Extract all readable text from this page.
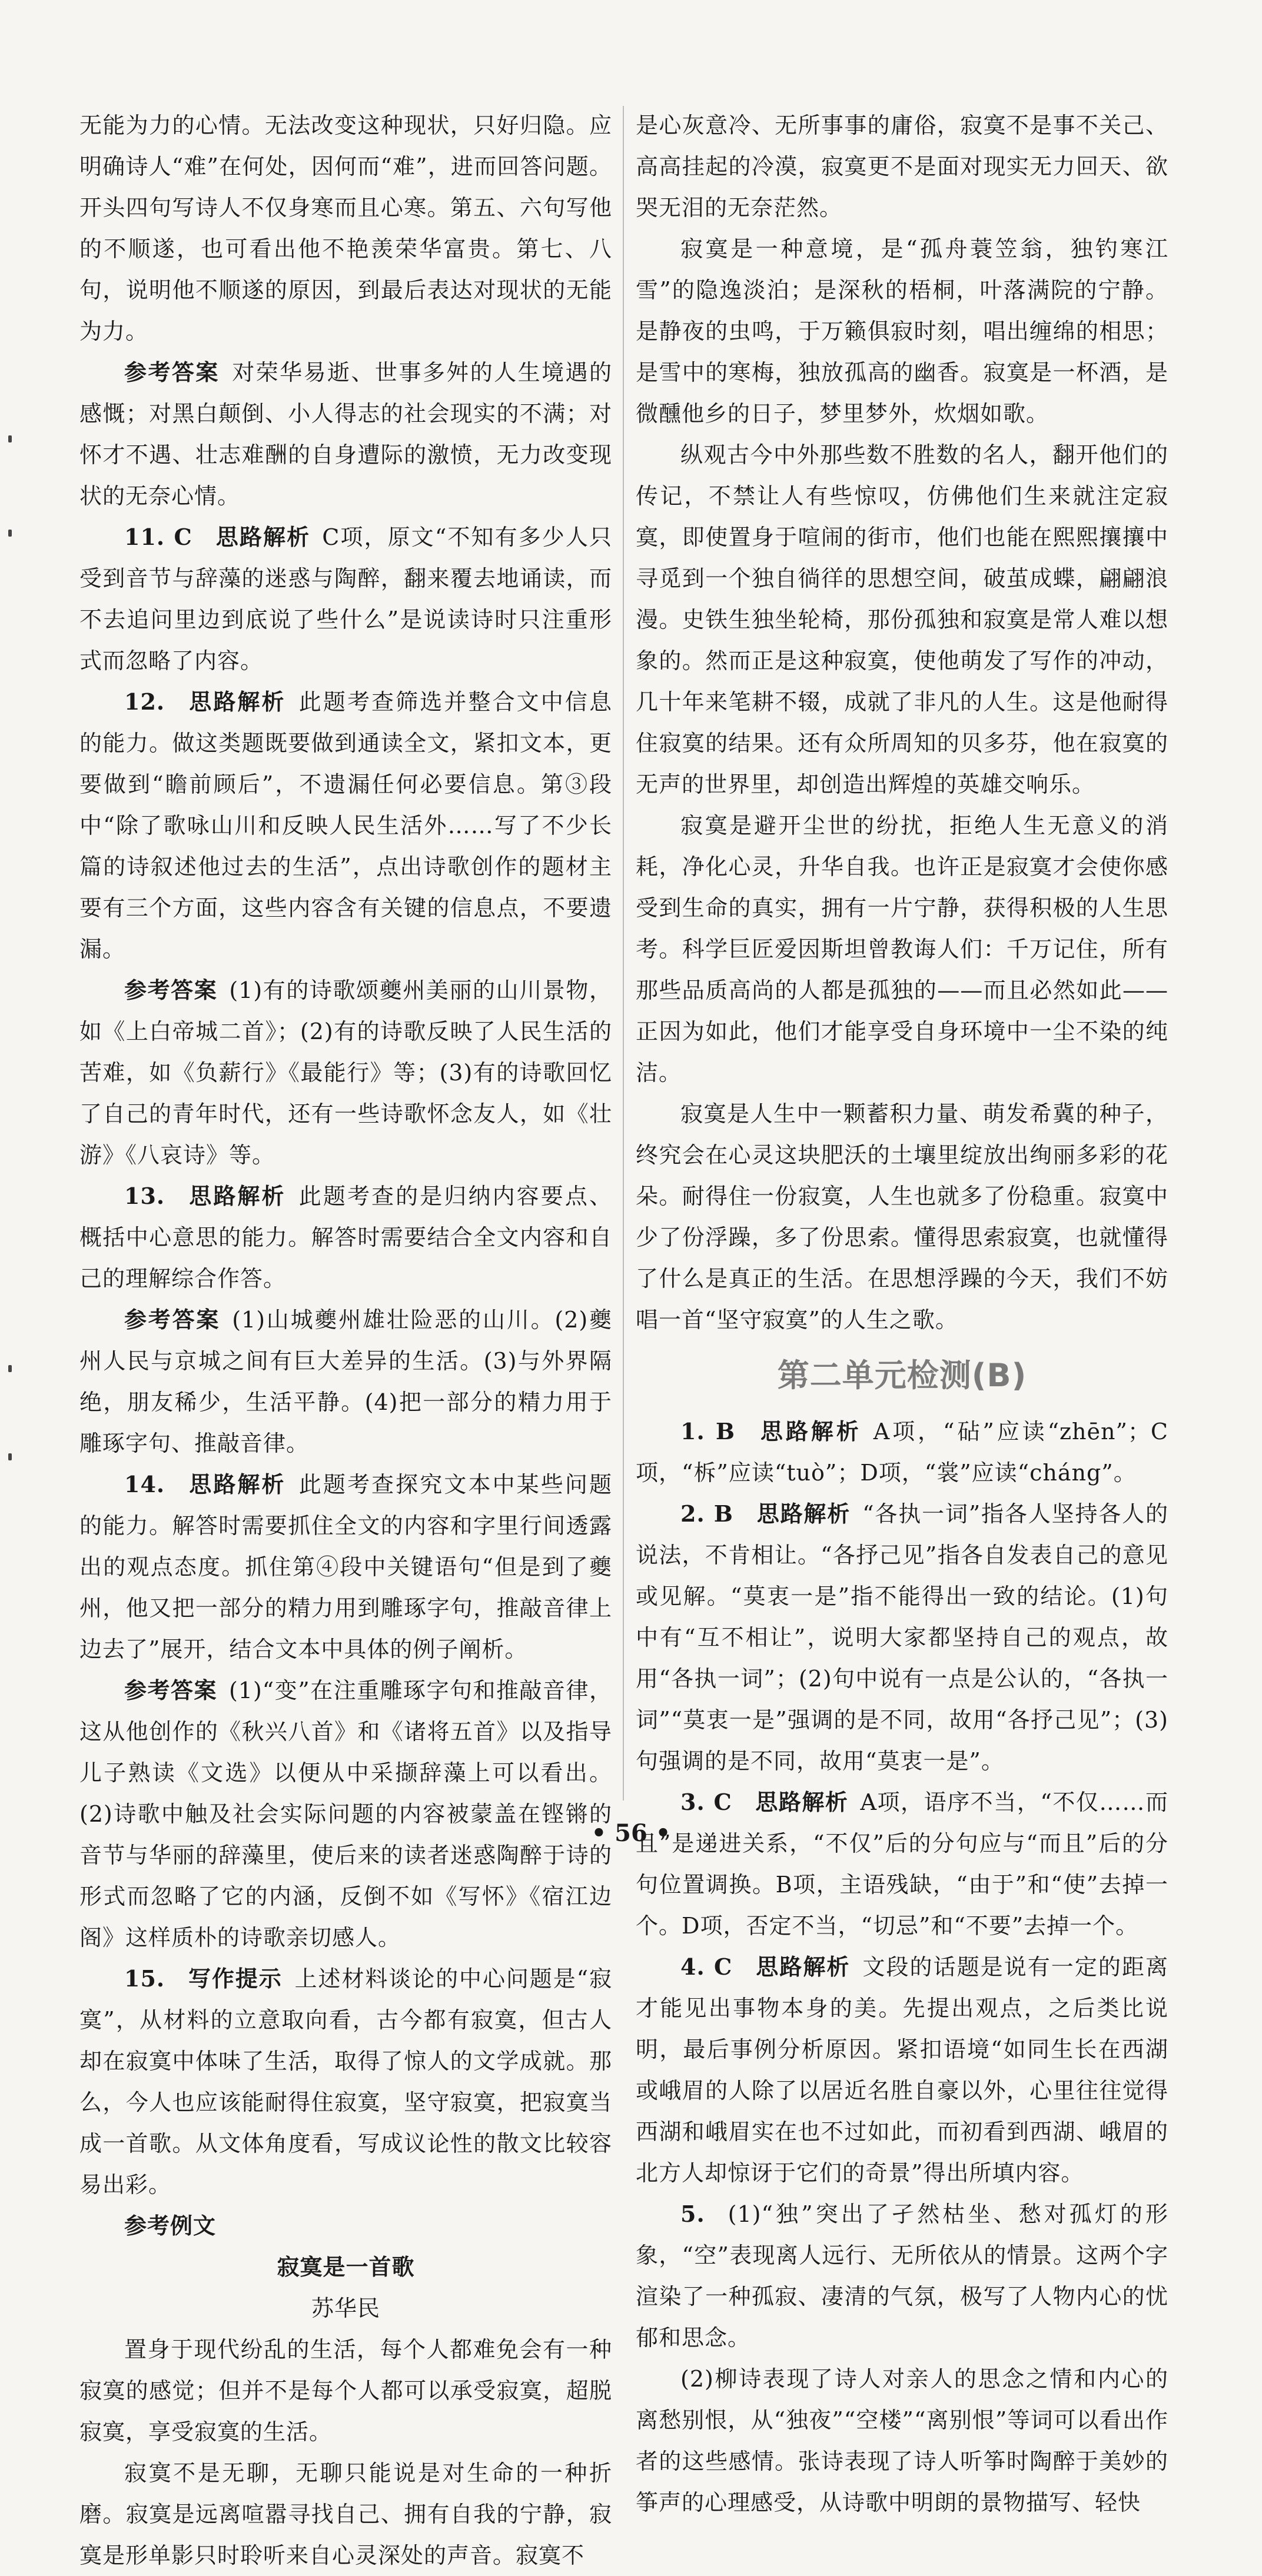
无能为力的心情。无法改变这种现状，只好归隐。应明确诗人“难”在何处，因何而“难”，进而回答问题。开头四句写诗人不仅身寒而且心寒。第五、六句写他的不顺遂，也可看出他不艳羡荣华富贵。第七、八句，说明他不顺遂的原因，到最后表达对现状的无能为力。

参考答案  对荣华易逝、世事多舛的人生境遇的感慨；对黑白颠倒、小人得志的社会现实的不满；对怀才不遇、壮志难酬的自身遭际的激愤，无力改变现状的无奈心情。

11. C  思路解析  C项，原文“不知有多少人只受到音节与辞藻的迷惑与陶醉，翻来覆去地诵读，而不去追问里边到底说了些什么”是说读诗时只注重形式而忽略了内容。

12.  思路解析  此题考查筛选并整合文中信息的能力。做这类题既要做到通读全文，紧扣文本，更要做到“瞻前顾后”，不遗漏任何必要信息。第③段中“除了歌咏山川和反映人民生活外……写了不少长篇的诗叙述他过去的生活”，点出诗歌创作的题材主要有三个方面，这些内容含有关键的信息点，不要遗漏。

参考答案  (1)有的诗歌颂夔州美丽的山川景物，如《上白帝城二首》；(2)有的诗歌反映了人民生活的苦难，如《负薪行》《最能行》等；(3)有的诗歌回忆了自己的青年时代，还有一些诗歌怀念友人，如《壮游》《八哀诗》等。

13.  思路解析  此题考查的是归纳内容要点、概括中心意思的能力。解答时需要结合全文内容和自己的理解综合作答。

参考答案  (1)山城夔州雄壮险恶的山川。(2)夔州人民与京城之间有巨大差异的生活。(3)与外界隔绝，朋友稀少，生活平静。(4)把一部分的精力用于雕琢字句、推敲音律。

14.  思路解析  此题考查探究文本中某些问题的能力。解答时需要抓住全文的内容和字里行间透露出的观点态度。抓住第④段中关键语句“但是到了夔州，他又把一部分的精力用到雕琢字句，推敲音律上边去了”展开，结合文本中具体的例子阐析。

参考答案  (1)“变”在注重雕琢字句和推敲音律，这从他创作的《秋兴八首》和《诸将五首》以及指导儿子熟读《文选》以便从中采撷辞藻上可以看出。(2)诗歌中触及社会实际问题的内容被蒙盖在铿锵的音节与华丽的辞藻里，使后来的读者迷惑陶醉于诗的形式而忽略了它的内涵，反倒不如《写怀》《宿江边阁》这样质朴的诗歌亲切感人。

15.  写作提示  上述材料谈论的中心问题是“寂寞”，从材料的立意取向看，古今都有寂寞，但古人却在寂寞中体味了生活，取得了惊人的文学成就。那么，今人也应该能耐得住寂寞，坚守寂寞，把寂寞当成一首歌。从文体角度看，写成议论性的散文比较容易出彩。

参考例文

寂寞是一首歌

苏华民

置身于现代纷乱的生活，每个人都难免会有一种寂寞的感觉；但并不是每个人都可以承受寂寞，超脱寂寞，享受寂寞的生活。

寂寞不是无聊，无聊只能说是对生命的一种折磨。寂寞是远离喧嚣寻找自己、拥有自我的宁静，寂寞是形单影只时聆听来自心灵深处的声音。寂寞不

是心灰意冷、无所事事的庸俗，寂寞不是事不关己、高高挂起的冷漠，寂寞更不是面对现实无力回天、欲哭无泪的无奈茫然。

寂寞是一种意境，是“孤舟蓑笠翁，独钓寒江雪”的隐逸淡泊；是深秋的梧桐，叶落满院的宁静。是静夜的虫鸣，于万籁俱寂时刻，唱出缠绵的相思；是雪中的寒梅，独放孤高的幽香。寂寞是一杯酒，是微醺他乡的日子，梦里梦外，炊烟如歌。

纵观古今中外那些数不胜数的名人，翻开他们的传记，不禁让人有些惊叹，仿佛他们生来就注定寂寞，即使置身于喧闹的街市，他们也能在熙熙攘攘中寻觅到一个独自徜徉的思想空间，破茧成蝶，翩翩浪漫。史铁生独坐轮椅，那份孤独和寂寞是常人难以想象的。然而正是这种寂寞，使他萌发了写作的冲动，几十年来笔耕不辍，成就了非凡的人生。这是他耐得住寂寞的结果。还有众所周知的贝多芬，他在寂寞的无声的世界里，却创造出辉煌的英雄交响乐。

寂寞是避开尘世的纷扰，拒绝人生无意义的消耗，净化心灵，升华自我。也许正是寂寞才会使你感受到生命的真实，拥有一片宁静，获得积极的人生思考。科学巨匠爱因斯坦曾教诲人们：千万记住，所有那些品质高尚的人都是孤独的——而且必然如此——正因为如此，他们才能享受自身环境中一尘不染的纯洁。

寂寞是人生中一颗蓄积力量、萌发希冀的种子，终究会在心灵这块肥沃的土壤里绽放出绚丽多彩的花朵。耐得住一份寂寞，人生也就多了份稳重。寂寞中少了份浮躁，多了份思索。懂得思索寂寞，也就懂得了什么是真正的生活。在思想浮躁的今天，我们不妨唱一首“坚守寂寞”的人生之歌。

第二单元检测(B)

1. B  思路解析  A项，“砧”应读“zhēn”；C项，“柝”应读“tuò”；D项，“裳”应读“cháng”。

2. B  思路解析  “各执一词”指各人坚持各人的说法，不肯相让。“各抒己见”指各自发表自己的意见或见解。“莫衷一是”指不能得出一致的结论。(1)句中有“互不相让”，说明大家都坚持自己的观点，故用“各执一词”；(2)句中说有一点是公认的，“各执一词”“莫衷一是”强调的是不同，故用“各抒己见”；(3)句强调的是不同，故用“莫衷一是”。

3. C  思路解析  A项，语序不当，“不仅……而且”是递进关系，“不仅”后的分句应与“而且”后的分句位置调换。B项，主语残缺，“由于”和“使”去掉一个。D项，否定不当，“切忌”和“不要”去掉一个。

4. C  思路解析  文段的话题是说有一定的距离才能见出事物本身的美。先提出观点，之后类比说明，最后事例分析原因。紧扣语境“如同生长在西湖或峨眉的人除了以居近名胜自豪以外，心里往往觉得西湖和峨眉实在也不过如此，而初看到西湖、峨眉的北方人却惊讶于它们的奇景”得出所填内容。

5.  (1)“独”突出了孑然枯坐、愁对孤灯的形象，“空”表现离人远行、无所依从的情景。这两个字渲染了一种孤寂、凄清的气氛，极写了人物内心的忧郁和思念。

(2)柳诗表现了诗人对亲人的思念之情和内心的离愁别恨，从“独夜”“空楼”“离别恨”等词可以看出作者的这些感情。张诗表现了诗人听筝时陶醉于美妙的筝声的心理感受，从诗歌中明朗的景物描写、轻快

• 56 •
